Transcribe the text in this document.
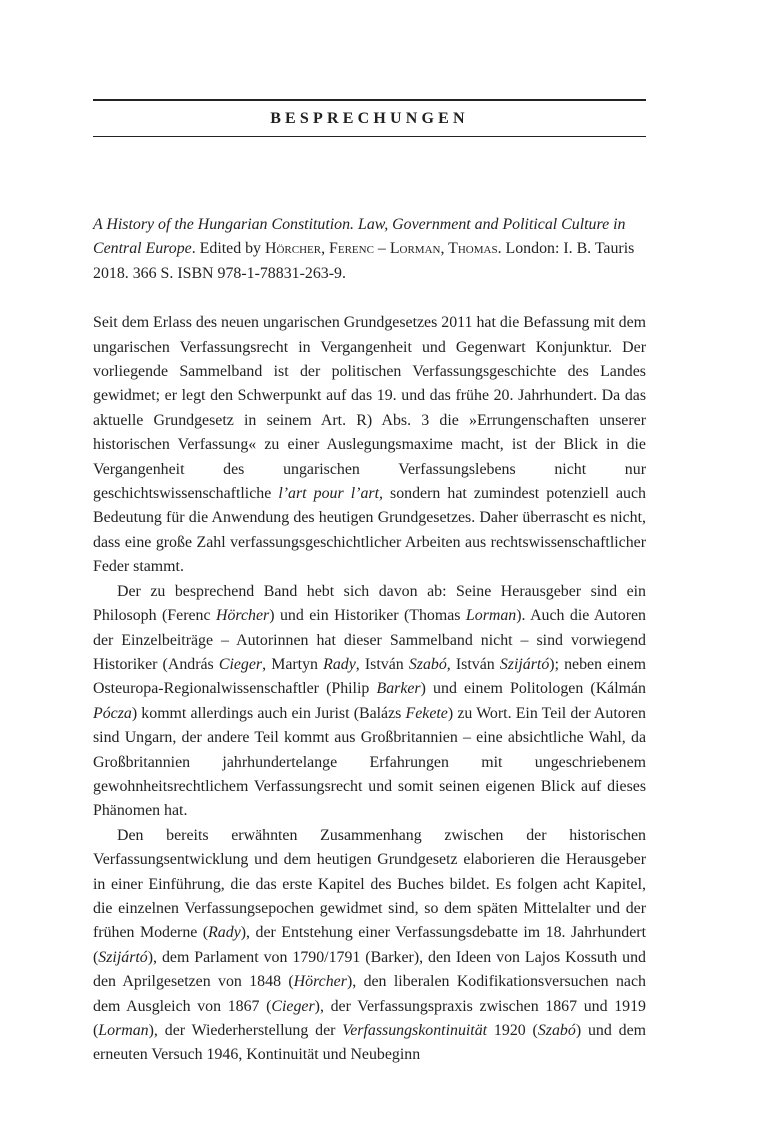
BESPRECHUNGEN
A History of the Hungarian Constitution. Law, Government and Political Culture in Central Europe. Edited by Hörcher, Ferenc – Lorman, Thomas. London: I. B. Tauris 2018. 366 S. ISBN 978-1-78831-263-9.

Seit dem Erlass des neuen ungarischen Grundgesetzes 2011 hat die Befassung mit dem ungarischen Verfassungsrecht in Vergangenheit und Gegenwart Konjunktur. Der vorliegende Sammelband ist der politischen Verfassungsgeschichte des Landes gewidmet; er legt den Schwerpunkt auf das 19. und das frühe 20. Jahrhundert. Da das aktuelle Grundgesetz in seinem Art. R) Abs. 3 die »Errungenschaften unserer historischen Verfassung« zu einer Auslegungsmaxime macht, ist der Blick in die Vergangenheit des ungarischen Verfassungslebens nicht nur geschichtswissenschaftliche l’art pour l’art, sondern hat zumindest potenziell auch Bedeutung für die Anwendung des heutigen Grundgesetzes. Daher überrascht es nicht, dass eine große Zahl verfassungsgeschichtlicher Arbeiten aus rechtswissenschaftlicher Feder stammt.

Der zu besprechend Band hebt sich davon ab: Seine Herausgeber sind ein Philosoph (Ferenc Hörcher) und ein Historiker (Thomas Lorman). Auch die Autoren der Einzelbeiträge – Autorinnen hat dieser Sammelband nicht – sind vorwiegend Historiker (András Cieger, Martyn Rady, István Szabó, István Szijártó); neben einem Osteuropa-Regionalwissenschaftler (Philip Barker) und einem Politologen (Kálmán Pócza) kommt allerdings auch ein Jurist (Balázs Fekete) zu Wort. Ein Teil der Autoren sind Ungarn, der andere Teil kommt aus Großbritannien – eine absichtliche Wahl, da Großbritannien jahrhundertelange Erfahrungen mit ungeschriebenem gewohnheitsrechtlichem Verfassungsrecht und somit seinen eigenen Blick auf dieses Phänomen hat.

Den bereits erwähnten Zusammenhang zwischen der historischen Verfassungsentwicklung und dem heutigen Grundgesetz elaborieren die Herausgeber in einer Einführung, die das erste Kapitel des Buches bildet. Es folgen acht Kapitel, die einzelnen Verfassungsepochen gewidmet sind, so dem späten Mittelalter und der frühen Moderne (Rady), der Entstehung einer Verfassungsdebatte im 18. Jahrhundert (Szijártó), dem Parlament von 1790/1791 (Barker), den Ideen von Lajos Kossuth und den Aprilgesetzen von 1848 (Hörcher), den liberalen Kodifikationsversuchen nach dem Ausgleich von 1867 (Cieger), der Verfassungspraxis zwischen 1867 und 1919 (Lorman), der Wiederherstellung der Verfassungskontinuität 1920 (Szabó) und dem erneuten Versuch 1946, Kontinuität und Neubeginn
